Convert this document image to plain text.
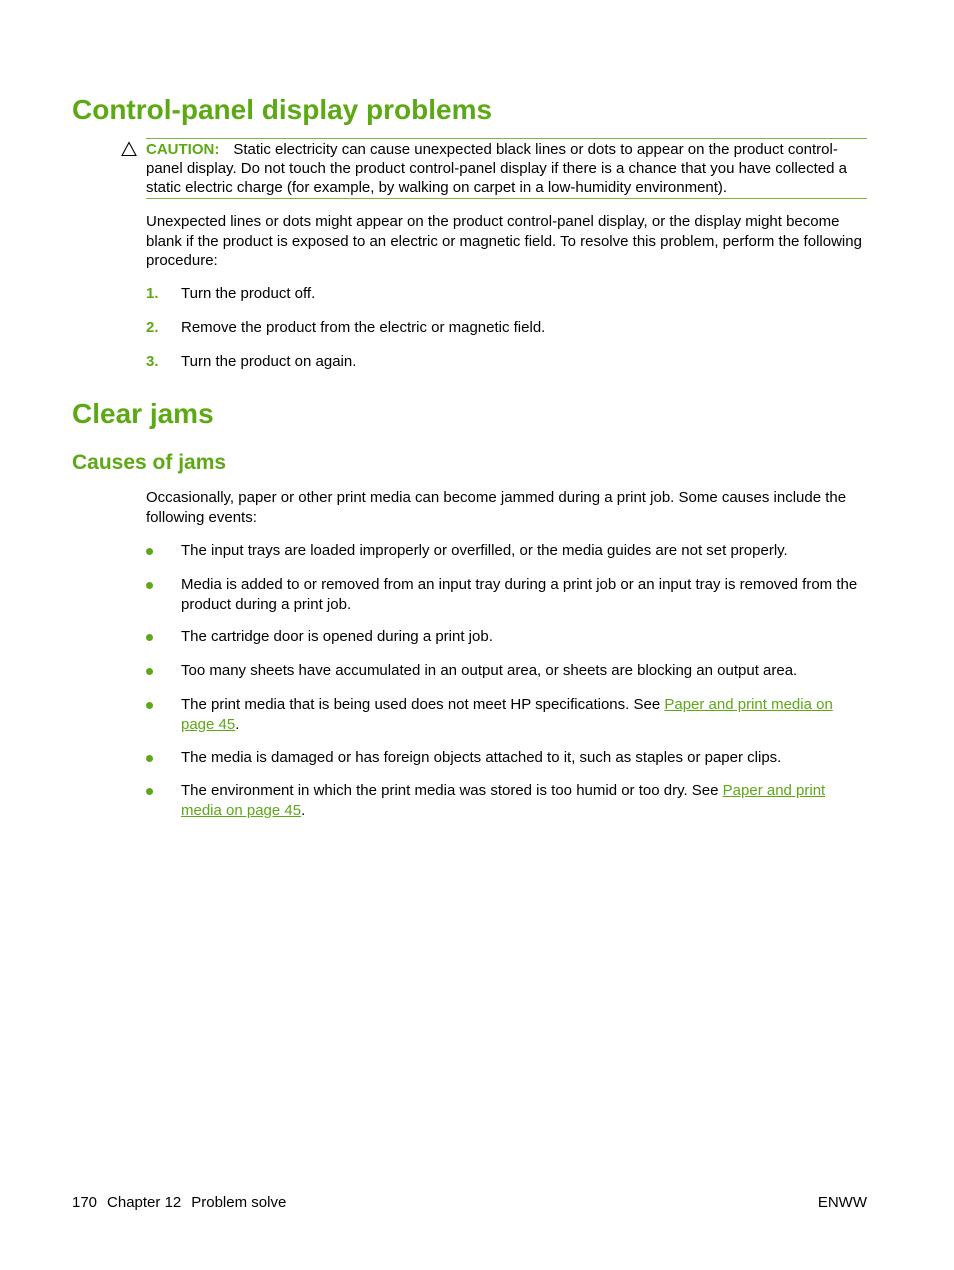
Control-panel display problems
CAUTION: Static electricity can cause unexpected black lines or dots to appear on the product control-panel display. Do not touch the product control-panel display if there is a chance that you have collected a static electric charge (for example, by walking on carpet in a low-humidity environment).

Unexpected lines or dots might appear on the product control-panel display, or the display might become blank if the product is exposed to an electric or magnetic field. To resolve this problem, perform the following procedure:

1. Turn the product off.
2. Remove the product from the electric or magnetic field.
3. Turn the product on again.
Clear jams
Causes of jams

Occasionally, paper or other print media can become jammed during a print job. Some causes include the following events:

The input trays are loaded improperly or overfilled, or the media guides are not set properly.
Media is added to or removed from an input tray during a print job or an input tray is removed from the product during a print job.
The cartridge door is opened during a print job.
Too many sheets have accumulated in an output area, or sheets are blocking an output area.
The print media that is being used does not meet HP specifications. See Paper and print media on page 45.
The media is damaged or has foreign objects attached to it, such as staples or paper clips.
The environment in which the print media was stored is too humid or too dry. See Paper and print media on page 45.
170 Chapter 12 Problem solve	ENWW
